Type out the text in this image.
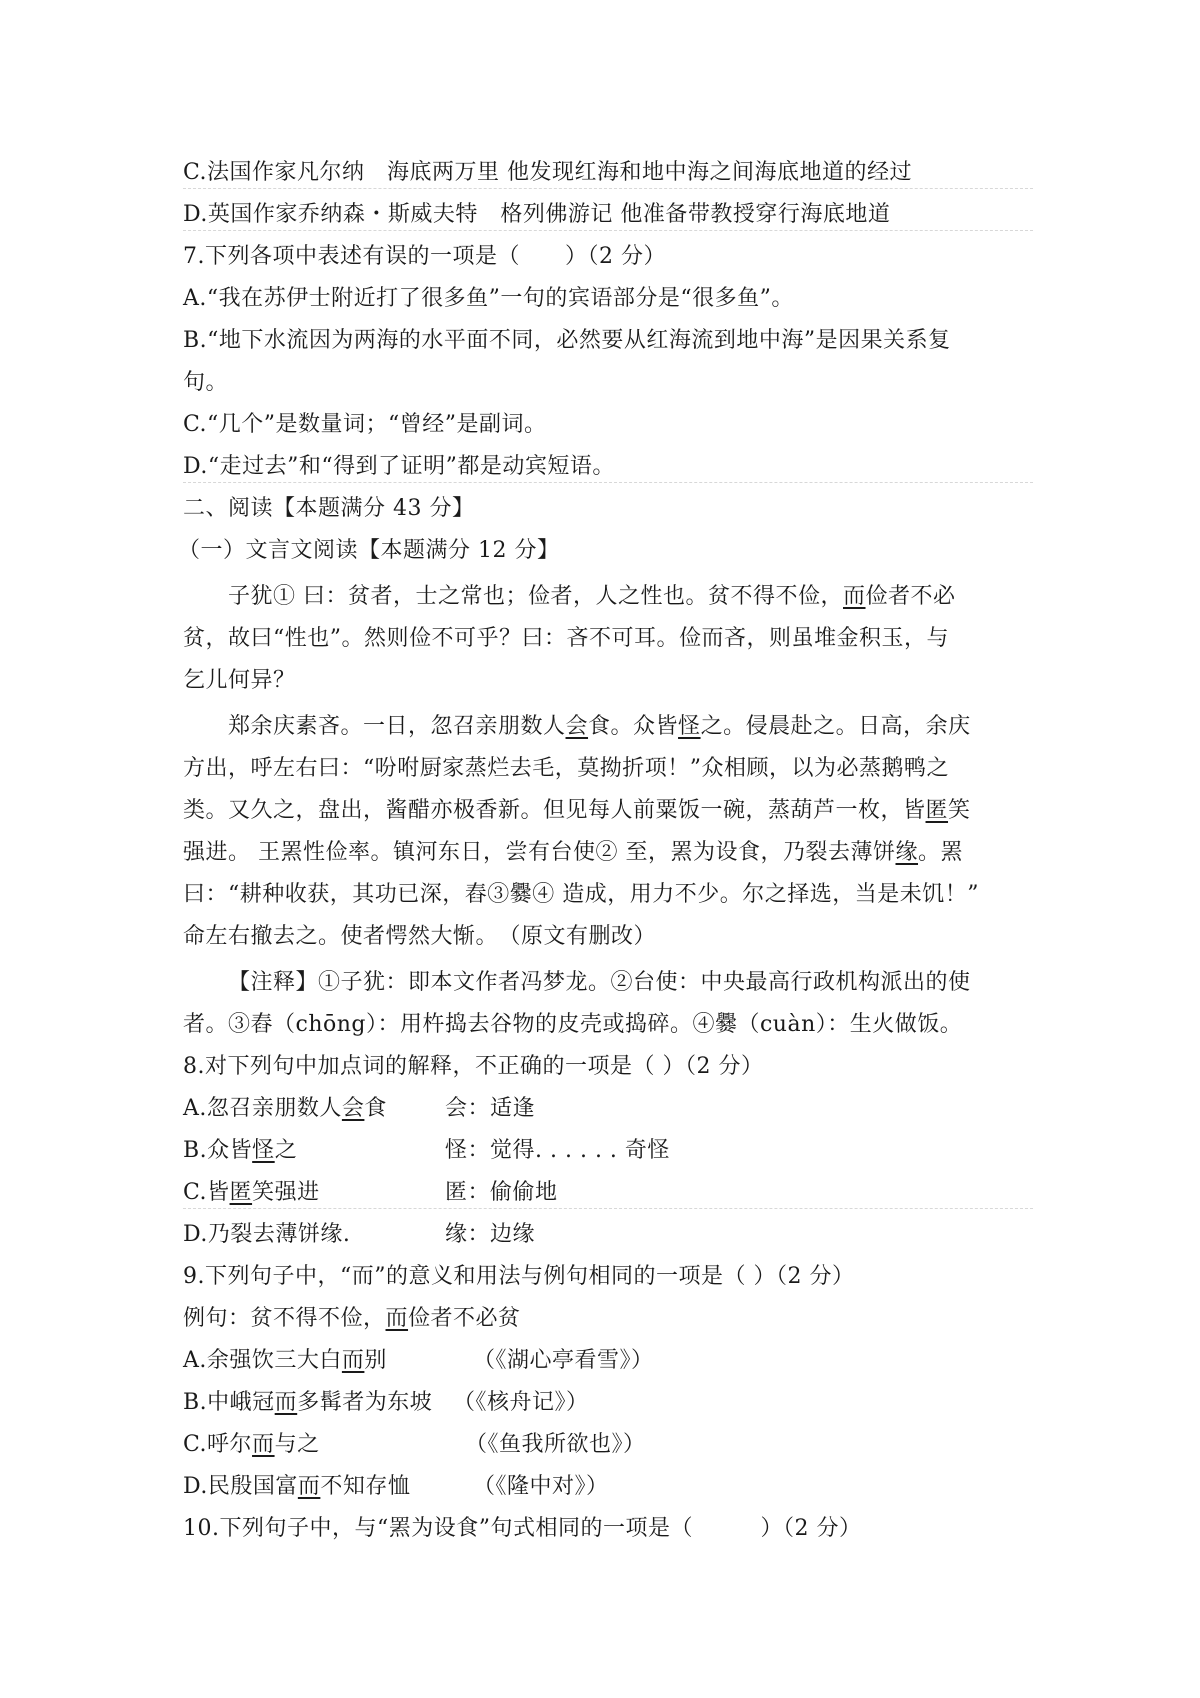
C.法国作家凡尔纳　海底两万里 他发现红海和地中海之间海底地道的经过
D.英国作家乔纳森・斯威夫特　格列佛游记 他准备带教授穿行海底地道
7.下列各项中表述有误的一项是（　　）（2 分）
A.“我在苏伊士附近打了很多鱼”一句的宾语部分是“很多鱼”。
B.“地下水流因为两海的水平面不同，必然要从红海流到地中海”是因果关系复
句。
C.“几个”是数量词；“曾经”是副词。
D.“走过去”和“得到了证明”都是动宾短语。
二、阅读【本题满分 43 分】
（一）文言文阅读【本题满分 12 分】
子犹① 曰：贫者，士之常也；俭者，人之性也。贫不得不俭，而俭者不必
贫，故曰“性也”。然则俭不可乎？曰：吝不可耳。俭而吝，则虽堆金积玉，与
乞儿何异？
郑余庆素吝。一日，忽召亲朋数人会食。众皆怪之。侵晨赴之。日高，余庆
方出，呼左右曰：“吩咐厨家蒸烂去毛，莫拗折项！”众相顾，以为必蒸鹅鸭之
类。又久之，盘出，酱醋亦极香新。但见每人前粟饭一碗，蒸葫芦一枚，皆匿笑
强进。 王罴性俭率。镇河东日，尝有台使② 至，罴为设食，乃裂去薄饼缘。罴
曰：“耕种收获，其功已深，舂③爨④ 造成，用力不少。尔之择选，当是未饥！”
命左右撤去之。使者愕然大惭。　（原文有删改）
【注释】①子犹：即本文作者冯梦龙。②台使：中央最高行政机构派出的使
者。③舂（chōng）：用杵捣去谷物的皮壳或捣碎。④爨（cuàn）：生火做饭。
8.对下列句中加点词的解释，不正确的一项是（ ）（2 分）
A.忽召亲朋数人会食	会：适逢
B.众皆怪之	怪：觉得. . . . . . 奇怪
C.皆匿笑强进	匿：偷偷地
D.乃裂去薄饼缘.	缘：边缘
9.下列句子中，“而”的意义和用法与例句相同的一项是（ ）（2 分）
例句：贫不得不俭，而俭者不必贫
A.余强饮三大白而别	（《湖心亭看雪》）
B.中峨冠而多髯者为东坡 （《核舟记》）
C.呼尔而与之	（《鱼我所欲也》）
D.民殷国富而不知存恤	（《隆中对》）
10.下列句子中，与“罴为设食”句式相同的一项是（　　　）（2 分）
